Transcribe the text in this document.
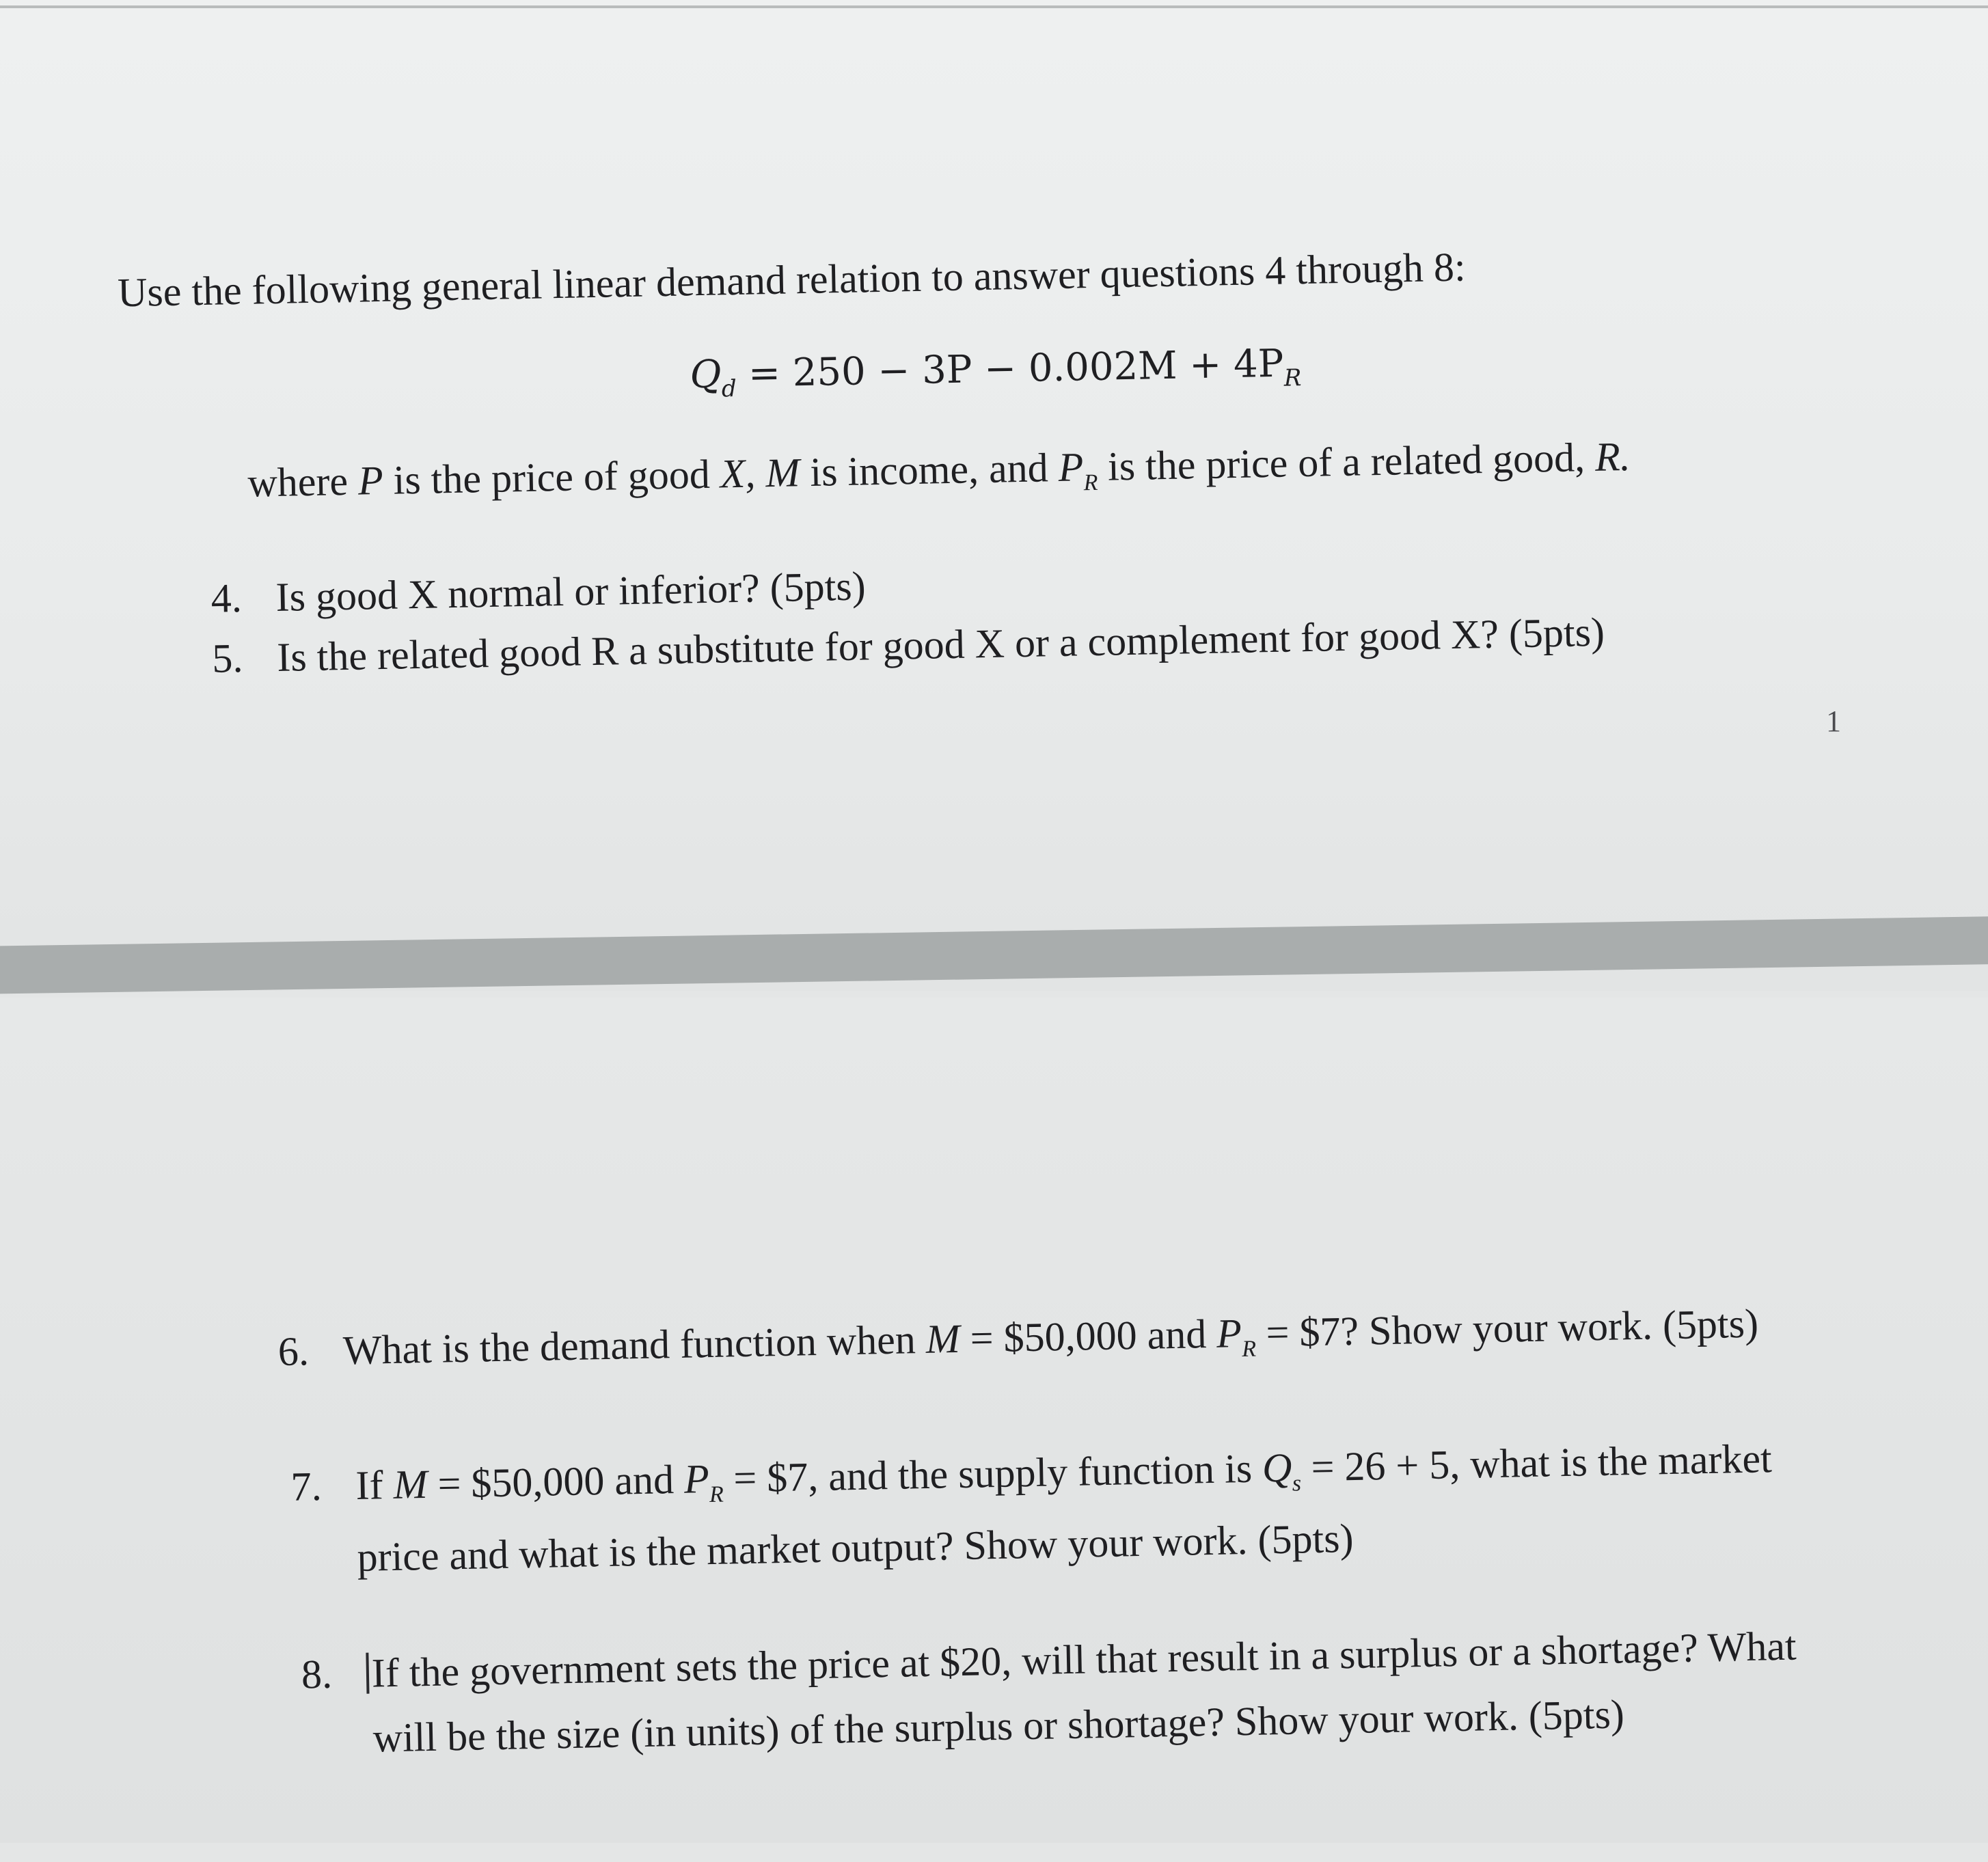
Use the following general linear demand relation to answer questions 4 through 8:
$Q_d = 250 - 3P - 0.002M + 4P_R$
where P is the price of good X, M is income, and $P_R$ is the price of a related good, R.
4. Is good X normal or inferior? (5pts)
5. Is the related good R a substitute for good X or a complement for good X? (5pts)
6. What is the demand function when M = $50,000 and $P_R$ = $7? Show your work. (5pts)
7. If M = $50,000 and $P_R$ = $7, and the supply function is $Q_s = 26 + 5$, what is the market
price and what is the market output? Show your work. (5pts)
8. If the government sets the price at $20, will that result in a surplus or a shortage? What
will be the size (in units) of the surplus or shortage? Show your work. (5pts)
1
